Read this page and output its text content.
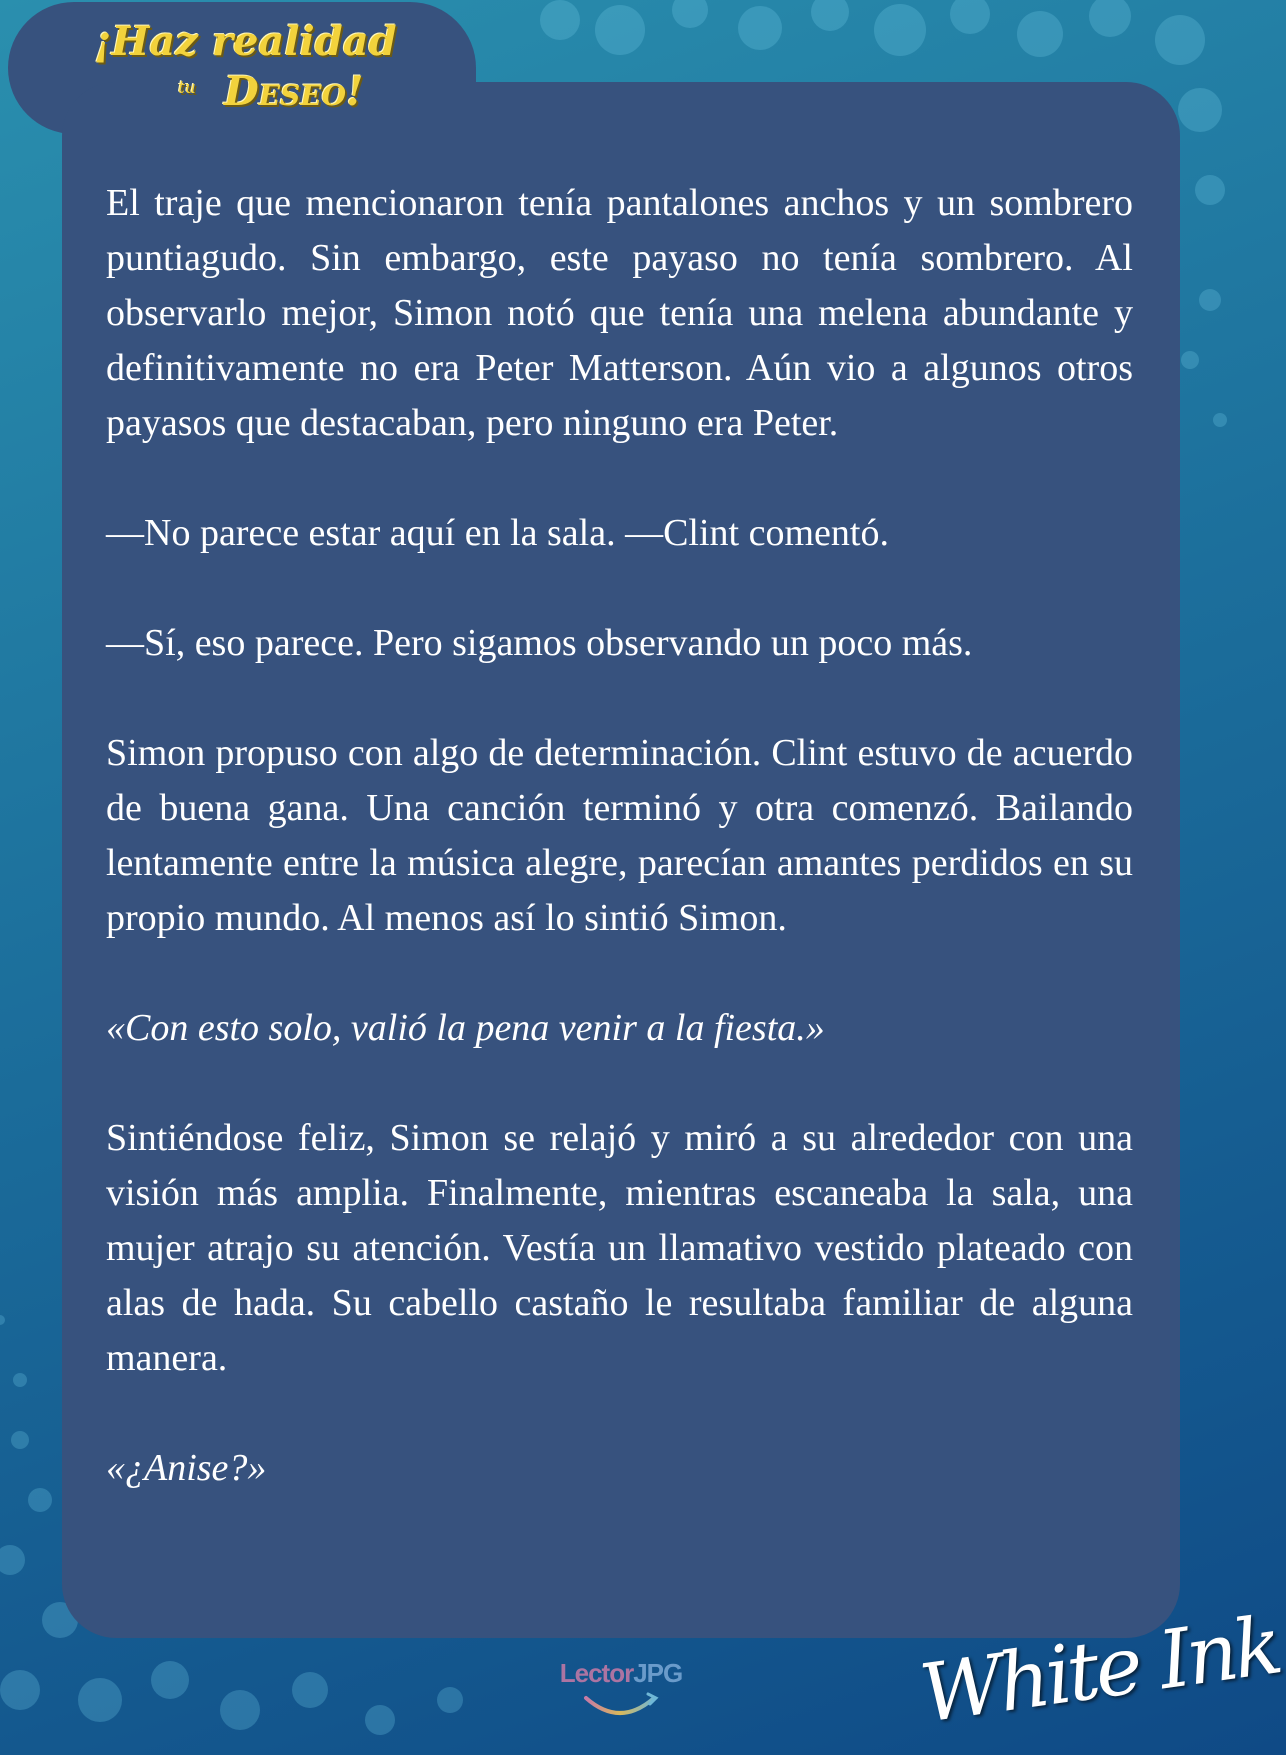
¡Haz realidad
tu Deseo!

El traje que mencionaron tenía pantalones anchos y un sombrero puntiagudo. Sin embargo, este payaso no tenía sombrero. Al observarlo mejor, Simon notó que tenía una melena abundante y definitivamente no era Peter Matterson. Aún vio a algunos otros payasos que destacaban, pero ninguno era Peter.

—No parece estar aquí en la sala. —Clint comentó.

—Sí, eso parece. Pero sigamos observando un poco más.

Simon propuso con algo de determinación. Clint estuvo de acuerdo de buena gana. Una canción terminó y otra comenzó. Bailando lentamente entre la música alegre, parecían amantes perdidos en su propio mundo. Al menos así lo sintió Simon.

«Con esto solo, valió la pena venir a la fiesta.»

Sintiéndose feliz, Simon se relajó y miró a su alrededor con una visión más amplia. Finalmente, mientras escaneaba la sala, una mujer atrajo su atención. Vestía un llamativo vestido plateado con alas de hada. Su cabello castaño le resultaba familiar de alguna manera.

«¿Anise?»

LectorJPG	White Ink
